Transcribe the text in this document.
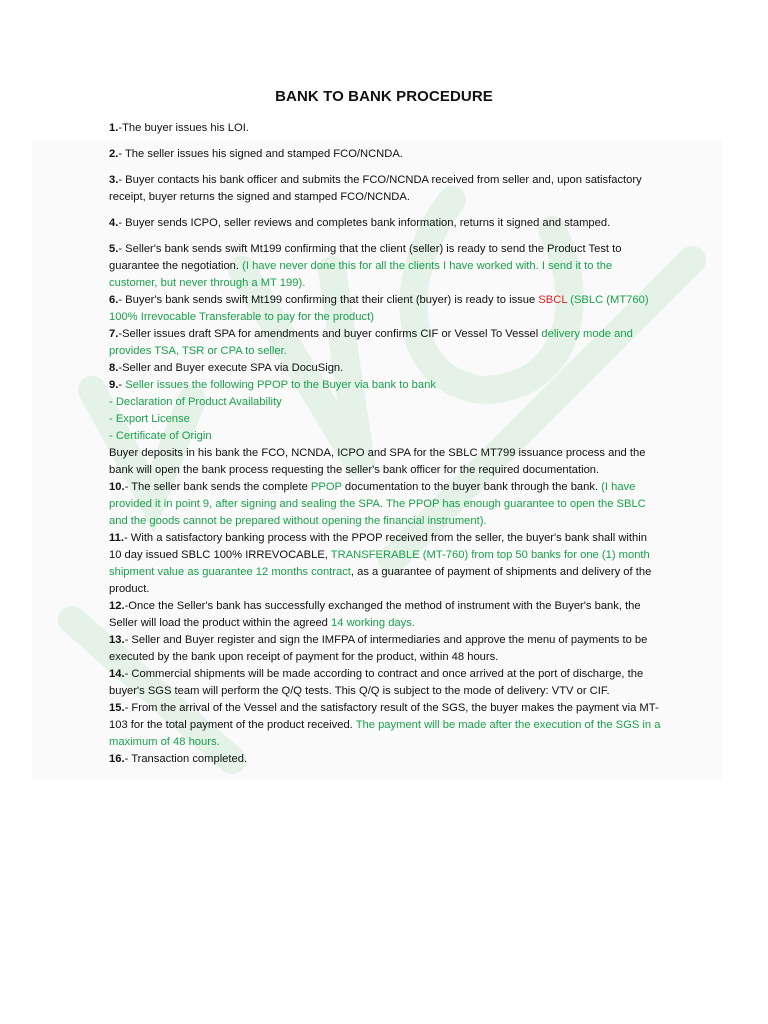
BANK TO BANK PROCEDURE

1.-The buyer issues his LOI.

2.- The seller issues his signed and stamped FCO/NCNDA.

3.- Buyer contacts his bank officer and submits the FCO/NCNDA received from seller and, upon satisfactory receipt, buyer returns the signed and stamped FCO/NCNDA.

4.- Buyer sends ICPO, seller reviews and completes bank information, returns it signed and stamped.

5.- Seller's bank sends swift Mt199 confirming that the client (seller) is ready to send the Product Test to guarantee the negotiation. (I have never done this for all the clients I have worked with. I send it to the customer, but never through a MT 199).

6.- Buyer's bank sends swift Mt199 confirming that their client (buyer) is ready to issue SBCL (SBLC (MT760) 100% Irrevocable Transferable to pay for the product)

7.-Seller issues draft SPA for amendments and buyer confirms CIF or Vessel To Vessel delivery mode and provides TSA, TSR or CPA to seller.

8.-Seller and Buyer execute SPA via DocuSign.

9.- Seller issues the following PPOP to the Buyer via bank to bank

- Declaration of Product Availability

- Export License

- Certificate of Origin

Buyer deposits in his bank the FCO, NCNDA, ICPO and SPA for the SBLC MT799 issuance process and the bank will open the bank process requesting the seller's bank officer for the required documentation.

10.- The seller bank sends the complete PPOP documentation to the buyer bank through the bank. (I have provided it in point 9, after signing and sealing the SPA. The PPOP has enough guarantee to open the SBLC and the goods cannot be prepared without opening the financial instrument).

11.- With a satisfactory banking process with the PPOP received from the seller, the buyer's bank shall within 10 day issued SBLC 100% IRREVOCABLE, TRANSFERABLE (MT-760) from top 50 banks for one (1) month shipment value as guarantee 12 months contract, as a guarantee of payment of shipments and delivery of the product.

12.-Once the Seller's bank has successfully exchanged the method of instrument with the Buyer's bank, the Seller will load the product within the agreed 14 working days.

13.- Seller and Buyer register and sign the IMFPA of intermediaries and approve the menu of payments to be executed by the bank upon receipt of payment for the product, within 48 hours.

14.- Commercial shipments will be made according to contract and once arrived at the port of discharge, the buyer's SGS team will perform the Q/Q tests. This Q/Q is subject to the mode of delivery: VTV or CIF.

15.- From the arrival of the Vessel and the satisfactory result of the SGS, the buyer makes the payment via MT-103 for the total payment of the product received. The payment will be made after the execution of the SGS in a maximum of 48 hours.

16.- Transaction completed.
